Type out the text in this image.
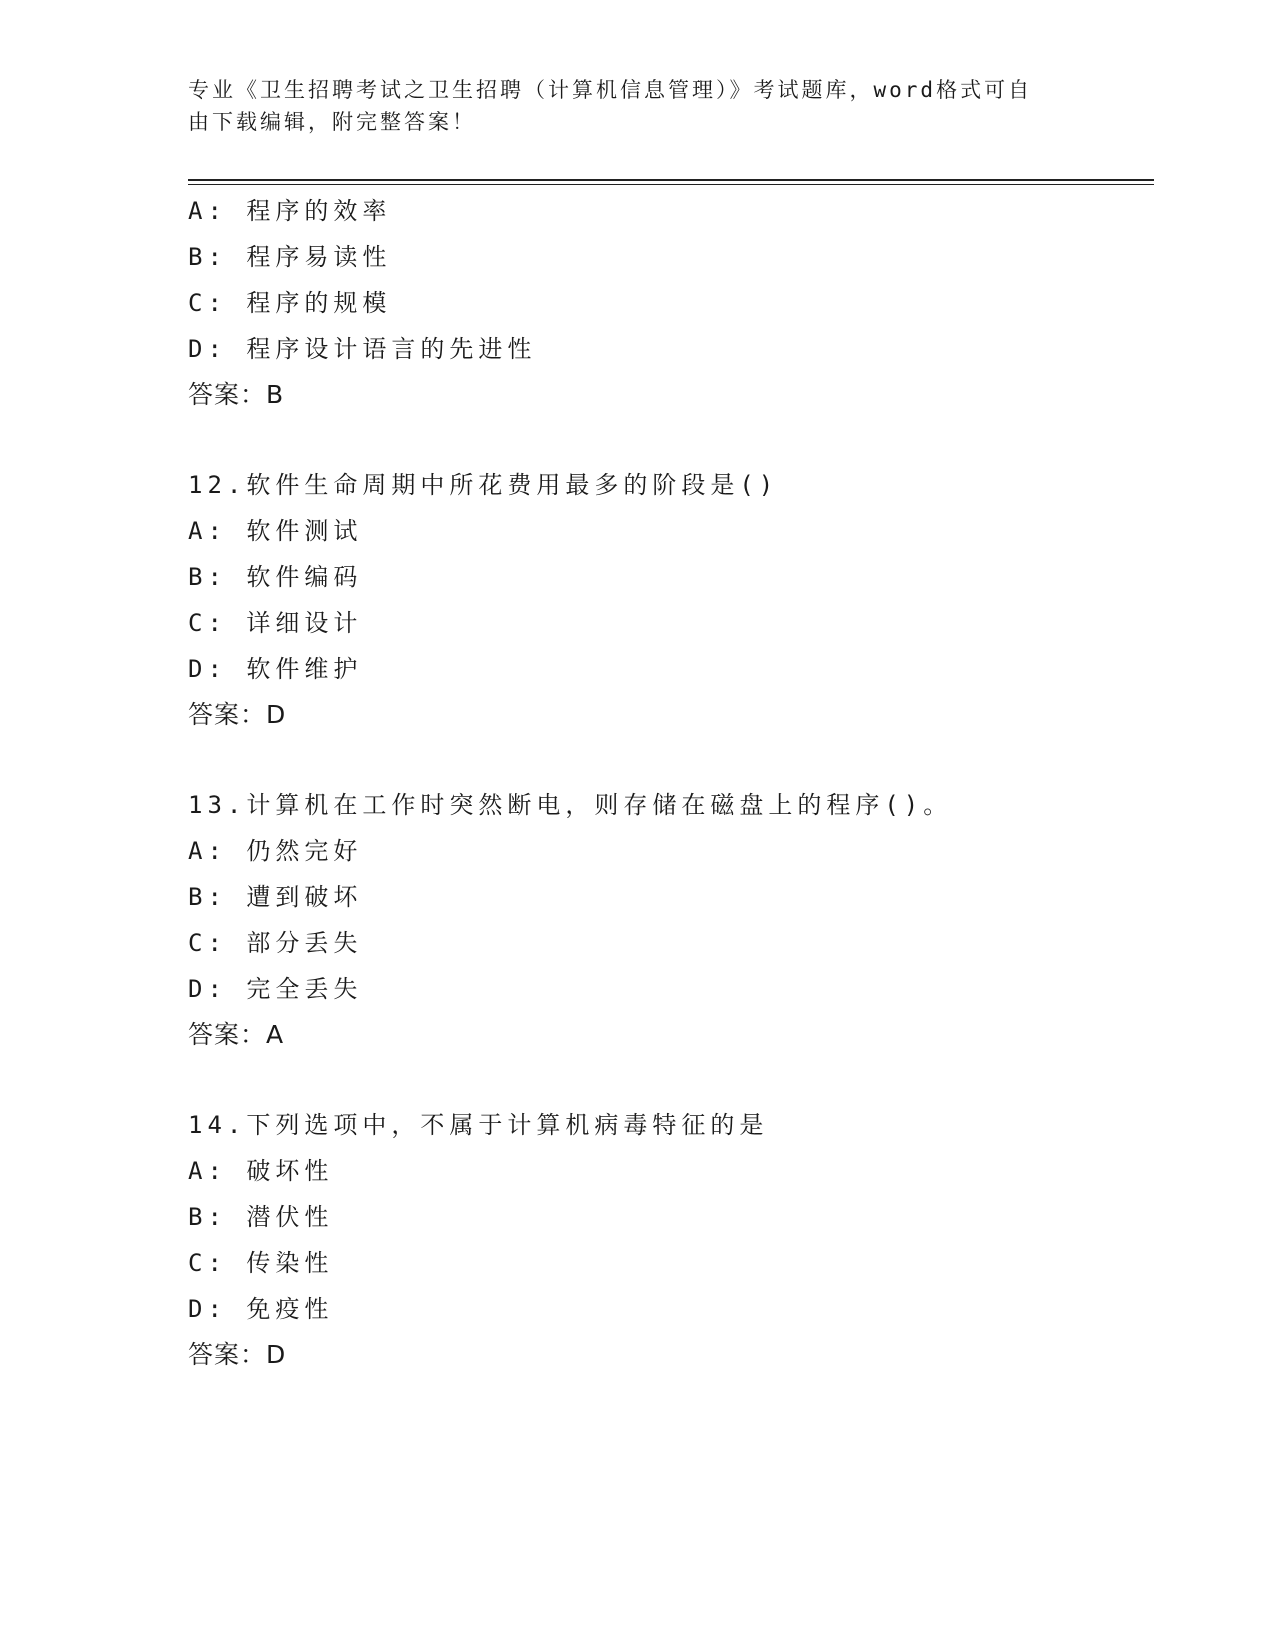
专业《卫生招聘考试之卫生招聘（计算机信息管理）》考试题库，word格式可自
由下载编辑，附完整答案！
A: 程序的效率
B: 程序易读性
C: 程序的规模
D: 程序设计语言的先进性
答案：B
12.软件生命周期中所花费用最多的阶段是()
A: 软件测试
B: 软件编码
C: 详细设计
D: 软件维护
答案：D
13.计算机在工作时突然断电，则存储在磁盘上的程序()。
A: 仍然完好
B: 遭到破坏
C: 部分丢失
D: 完全丢失
答案：A
14.下列选项中，不属于计算机病毒特征的是
A: 破坏性
B: 潜伏性
C: 传染性
D: 免疫性
答案：D
